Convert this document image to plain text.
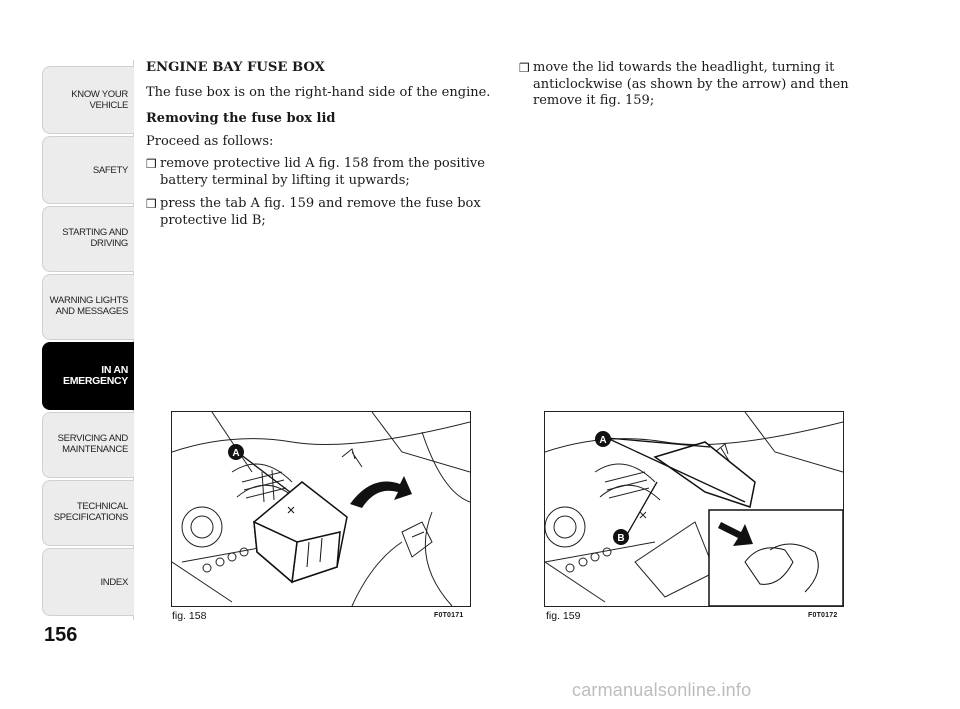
KNOW YOUR
VEHICLE
SAFETY
STARTING AND
DRIVING
WARNING LIGHTS
AND MESSAGES
IN AN
EMERGENCY
SERVICING AND
MAINTENANCE
TECHNICAL
SPECIFICATIONS
INDEX
156
ENGINE BAY FUSE BOX
The fuse box is on the right-hand side of the engine.
Removing the fuse box lid
Proceed as follows:
❒ remove protective lid A fig. 158 from the positive battery terminal by lifting it upwards;
❒ press the tab A fig. 159 and remove the fuse box protective lid B;
❒ move the lid towards the headlight, turning it anticlockwise (as shown by the arrow) and then remove it fig. 159;
A
fig. 158	F0T0171
A
B
fig. 159	F0T0172
carmanualsonline.info
